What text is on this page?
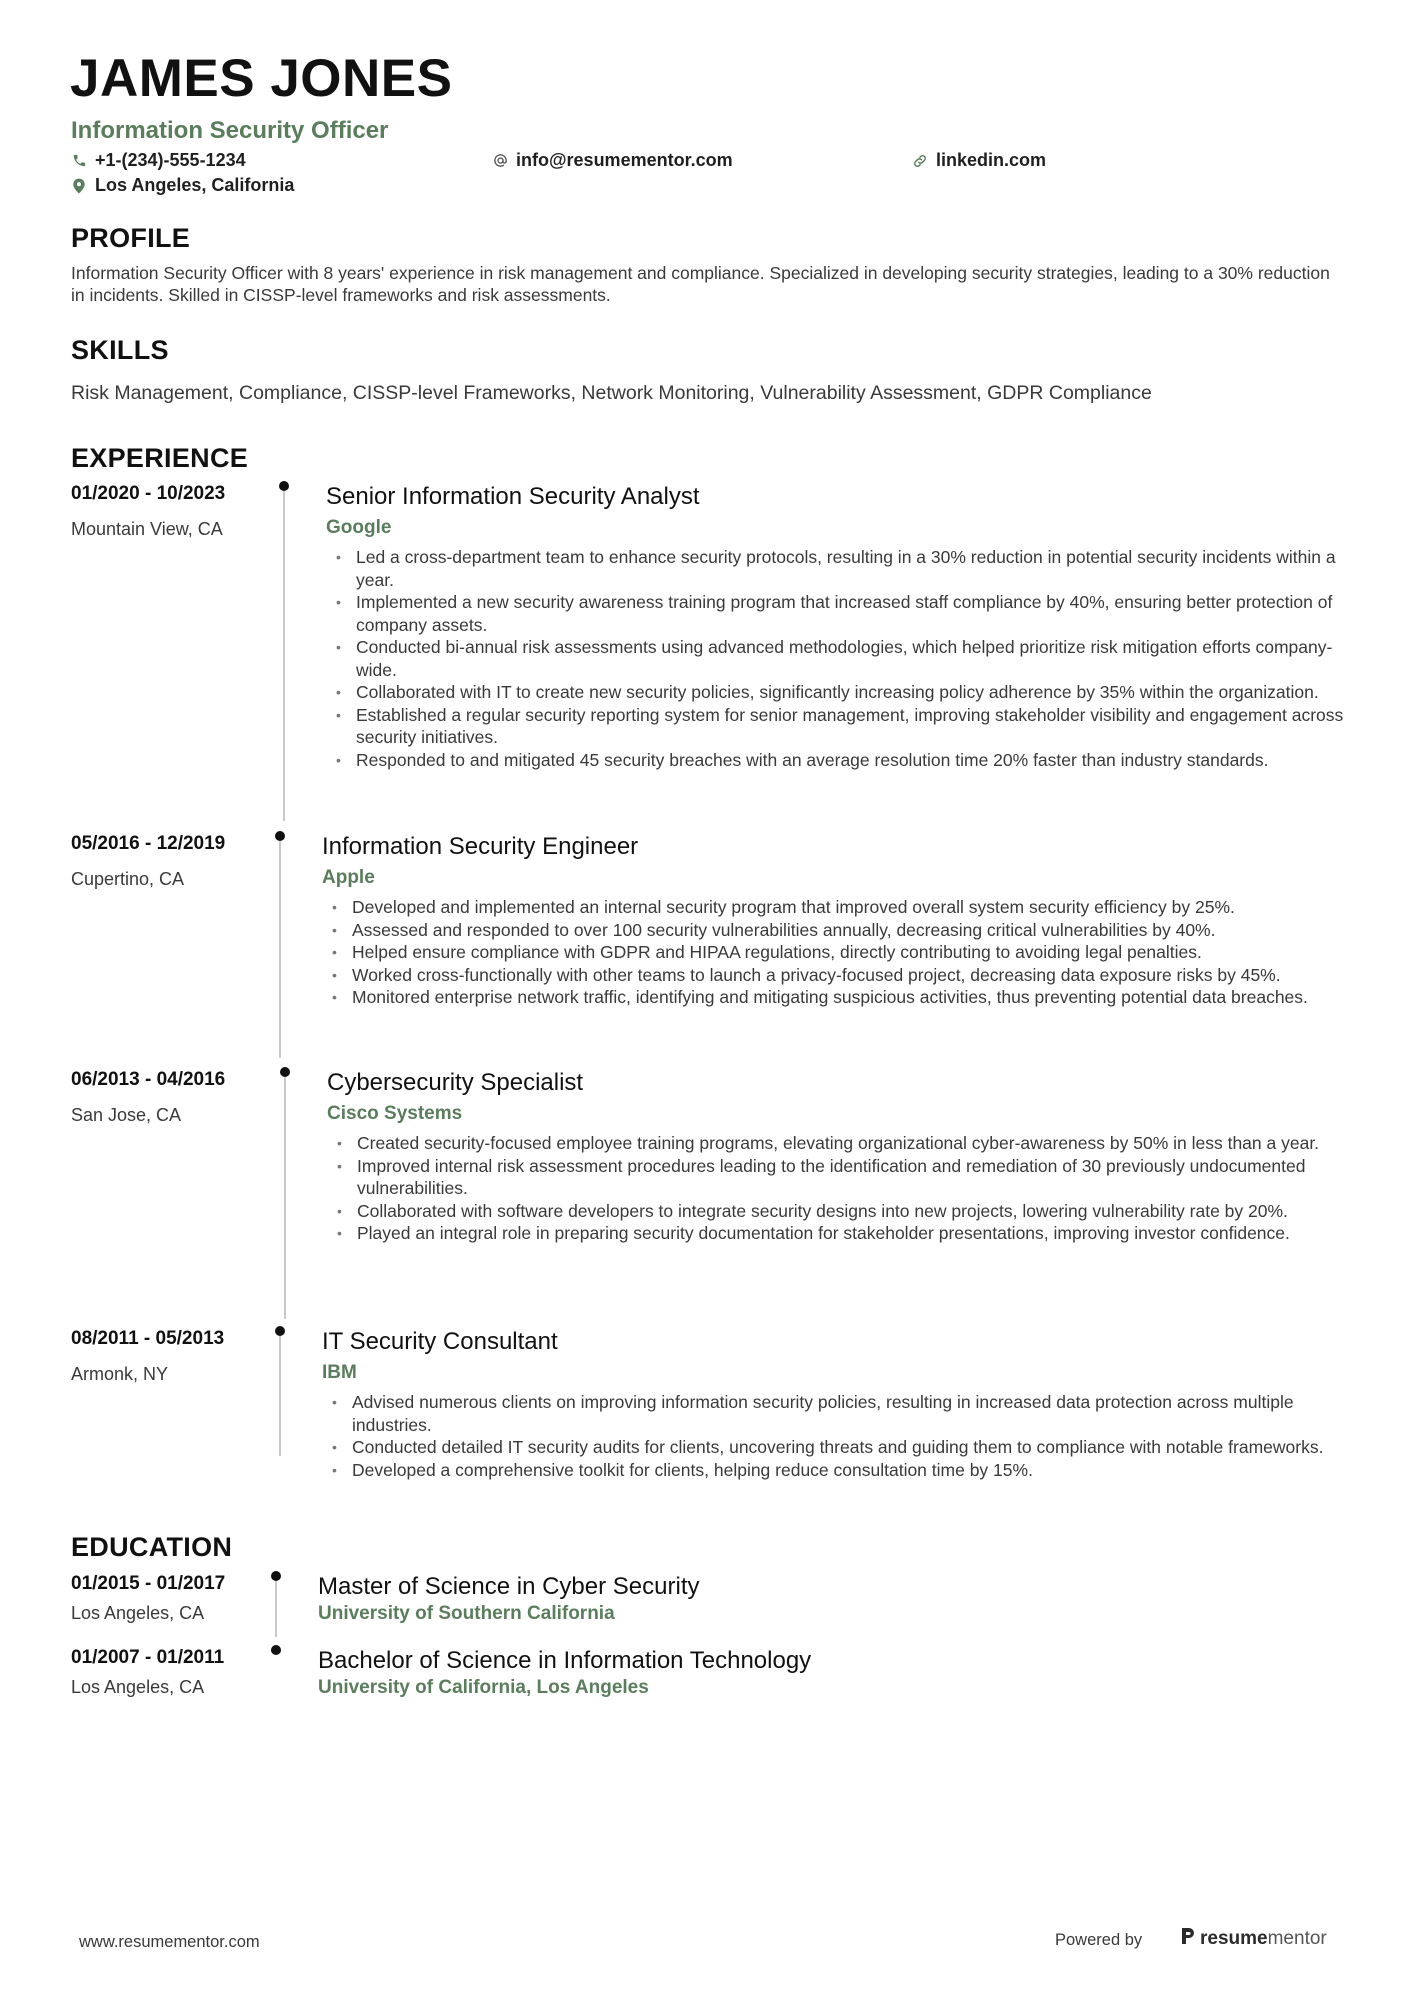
JAMES JONES
Information Security Officer
+1-(234)-555-1234	info@resumementor.com	linkedin.com
Los Angeles, California
PROFILE
Information Security Officer with 8 years' experience in risk management and compliance. Specialized in developing security strategies, leading to a 30% reduction in incidents. Skilled in CISSP-level frameworks and risk assessments.
SKILLS
Risk Management, Compliance, CISSP-level Frameworks, Network Monitoring, Vulnerability Assessment, GDPR Compliance
EXPERIENCE
01/2020 - 10/2023
Mountain View, CA
Senior Information Security Analyst
Google
• Led a cross-department team to enhance security protocols, resulting in a 30% reduction in potential security incidents within a year.
• Implemented a new security awareness training program that increased staff compliance by 40%, ensuring better protection of company assets.
• Conducted bi-annual risk assessments using advanced methodologies, which helped prioritize risk mitigation efforts company-wide.
• Collaborated with IT to create new security policies, significantly increasing policy adherence by 35% within the organization.
• Established a regular security reporting system for senior management, improving stakeholder visibility and engagement across security initiatives.
• Responded to and mitigated 45 security breaches with an average resolution time 20% faster than industry standards.
05/2016 - 12/2019
Cupertino, CA
Information Security Engineer
Apple
• Developed and implemented an internal security program that improved overall system security efficiency by 25%.
• Assessed and responded to over 100 security vulnerabilities annually, decreasing critical vulnerabilities by 40%.
• Helped ensure compliance with GDPR and HIPAA regulations, directly contributing to avoiding legal penalties.
• Worked cross-functionally with other teams to launch a privacy-focused project, decreasing data exposure risks by 45%.
• Monitored enterprise network traffic, identifying and mitigating suspicious activities, thus preventing potential data breaches.
06/2013 - 04/2016
San Jose, CA
Cybersecurity Specialist
Cisco Systems
• Created security-focused employee training programs, elevating organizational cyber-awareness by 50% in less than a year.
• Improved internal risk assessment procedures leading to the identification and remediation of 30 previously undocumented vulnerabilities.
• Collaborated with software developers to integrate security designs into new projects, lowering vulnerability rate by 20%.
• Played an integral role in preparing security documentation for stakeholder presentations, improving investor confidence.
08/2011 - 05/2013
Armonk, NY
IT Security Consultant
IBM
• Advised numerous clients on improving information security policies, resulting in increased data protection across multiple industries.
• Conducted detailed IT security audits for clients, uncovering threats and guiding them to compliance with notable frameworks.
• Developed a comprehensive toolkit for clients, helping reduce consultation time by 15%.
EDUCATION
01/2015 - 01/2017
Los Angeles, CA
Master of Science in Cyber Security
University of Southern California
01/2007 - 01/2011
Los Angeles, CA
Bachelor of Science in Information Technology
University of California, Los Angeles
www.resumementor.com	Powered by	resumementor
